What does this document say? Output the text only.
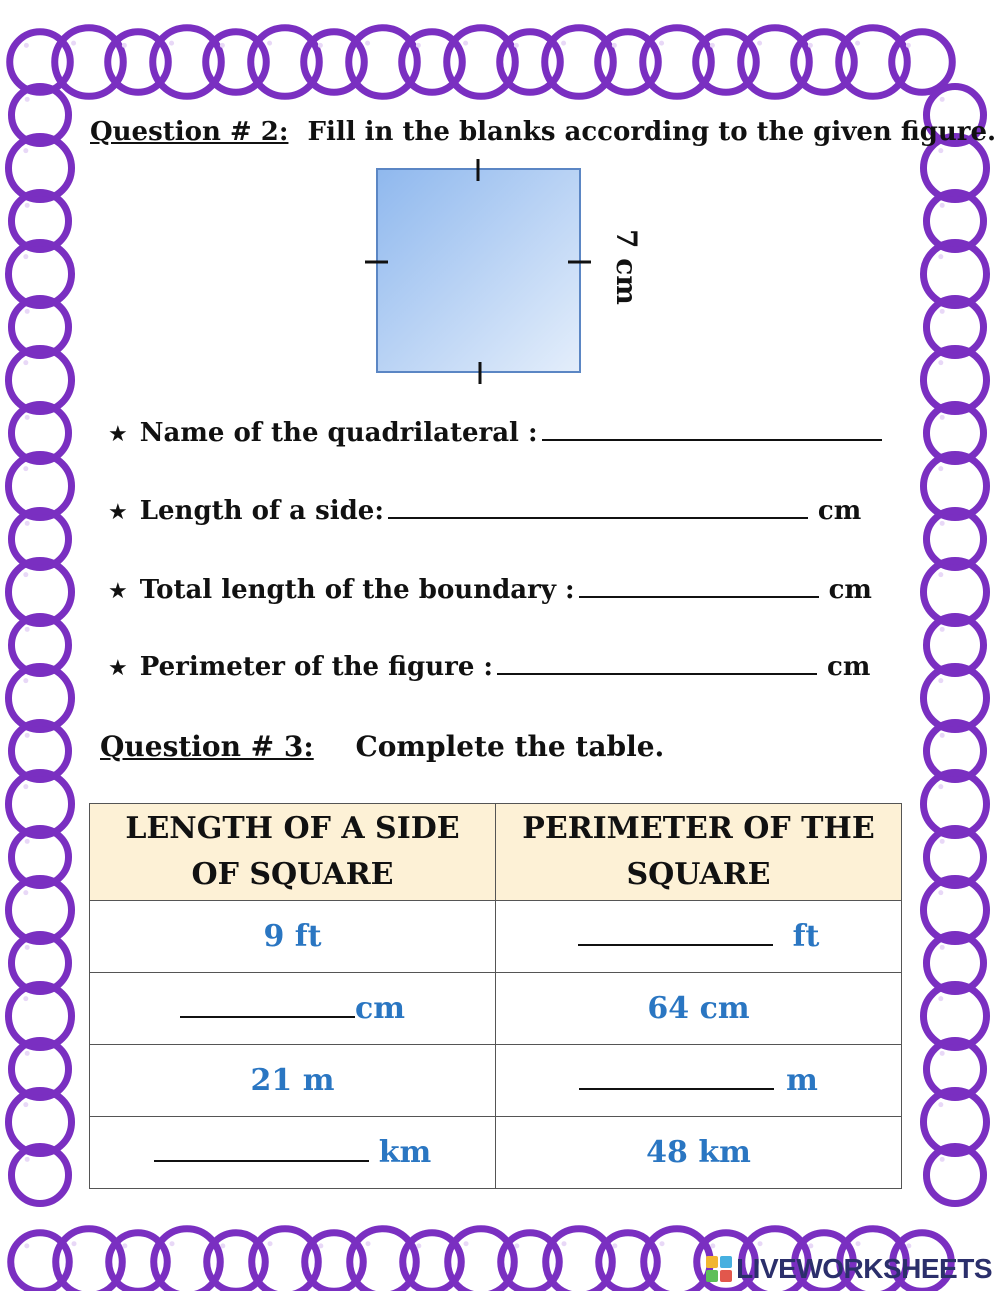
Question # 2: Fill in the blanks according to the given figure.
7 cm
★ Name of the quadrilateral :
★ Length of a side:	cm
★ Total length of the boundary :	cm
★ Perimeter of the figure :	cm
Question # 3: Complete the table.
LENGTH OF A SIDE OF SQUARE	PERIMETER OF THE SQUARE
9 ft	ft
cm	64 cm
21 m	m
km	48 km
LIVEWORKSHEETS
